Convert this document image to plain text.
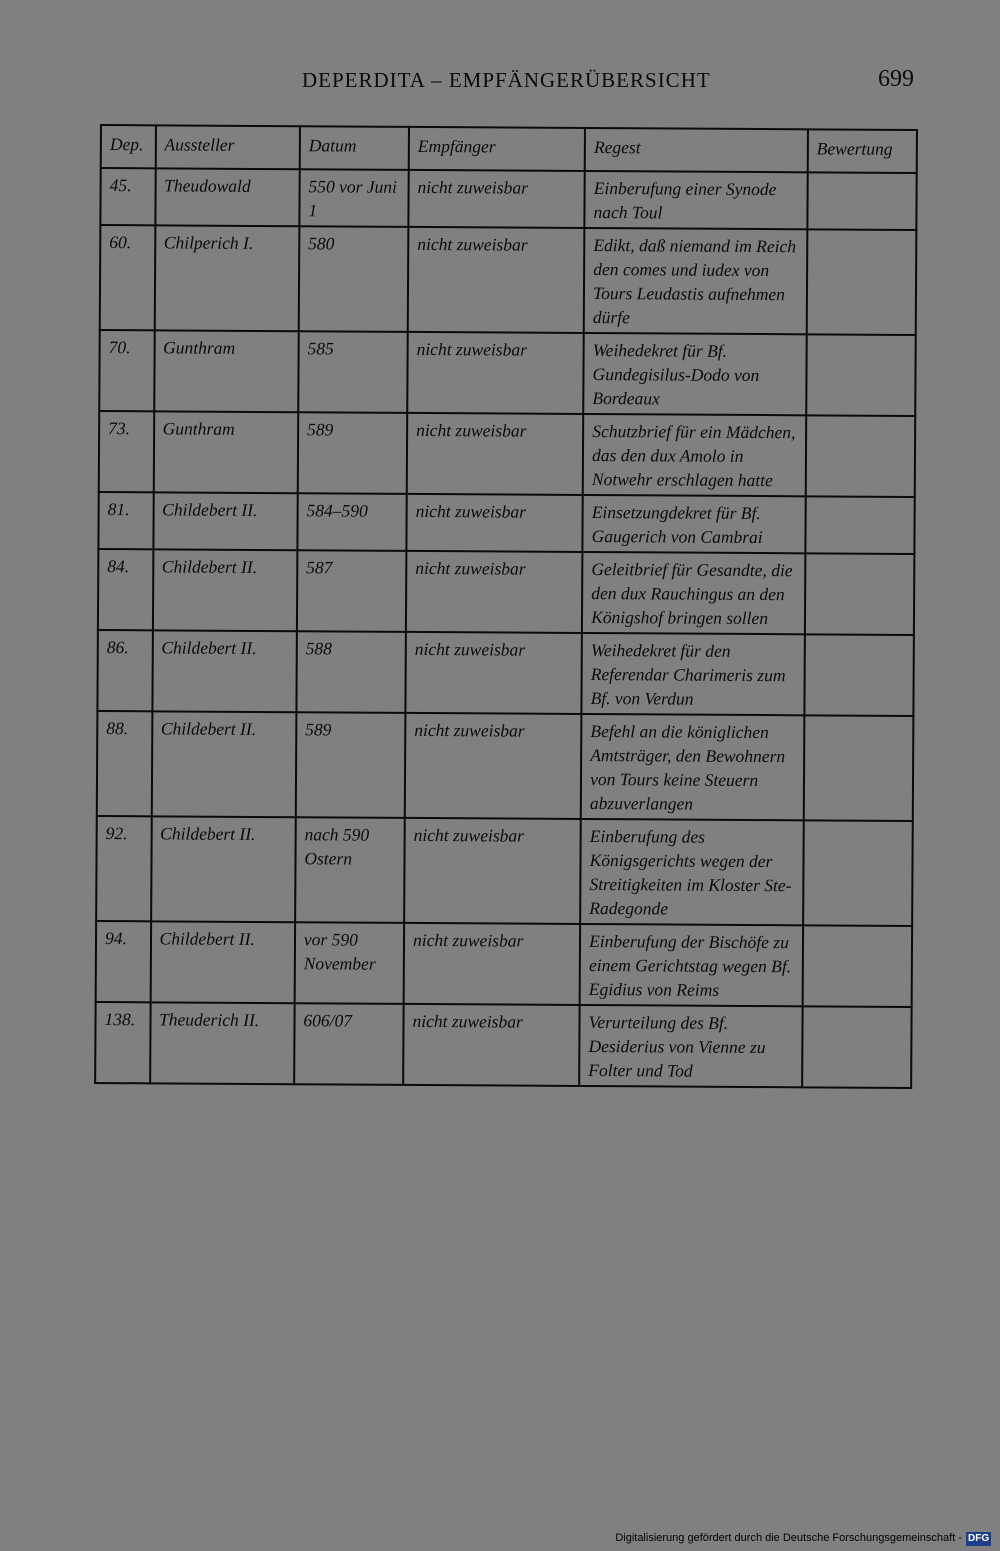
DEPERDITA – EMPFÄNGERÜBERSICHT	699
Dep.	Aussteller	Datum	Empfänger	Regest	Bewertung
45.	Theudowald	550 vor Juni 1	nicht zuweisbar	Einberufung einer Synode nach Toul	
60.	Chilperich I.	580	nicht zuweisbar	Edikt, daß niemand im Reich den comes und iudex von Tours Leudastis aufnehmen dürfe	
70.	Gunthram	585	nicht zuweisbar	Weihedekret für Bf. Gundegisilus-Dodo von Bordeaux	
73.	Gunthram	589	nicht zuweisbar	Schutzbrief für ein Mädchen, das den dux Amolo in Notwehr erschlagen hatte	
81.	Childebert II.	584–590	nicht zuweisbar	Einsetzungdekret für Bf. Gaugerich von Cambrai	
84.	Childebert II.	587	nicht zuweisbar	Geleitbrief für Gesandte, die den dux Rauchingus an den Königshof bringen sollen	
86.	Childebert II.	588	nicht zuweisbar	Weihedekret für den Referendar Charimeris zum Bf. von Verdun	
88.	Childebert II.	589	nicht zuweisbar	Befehl an die königlichen Amtsträger, den Bewohnern von Tours keine Steuern abzuverlangen	
92.	Childebert II.	nach 590 Ostern	nicht zuweisbar	Einberufung des Königsgerichts wegen der Streitigkeiten im Kloster Ste-Radegonde	
94.	Childebert II.	vor 590 November	nicht zuweisbar	Einberufung der Bischöfe zu einem Gerichtstag wegen Bf. Egidius von Reims	
138.	Theuderich II.	606/07	nicht zuweisbar	Verurteilung des Bf. Desiderius von Vienne zu Folter und Tod	
Digitalisierung gefördert durch die Deutsche Forschungsgemeinschaft - DFG
